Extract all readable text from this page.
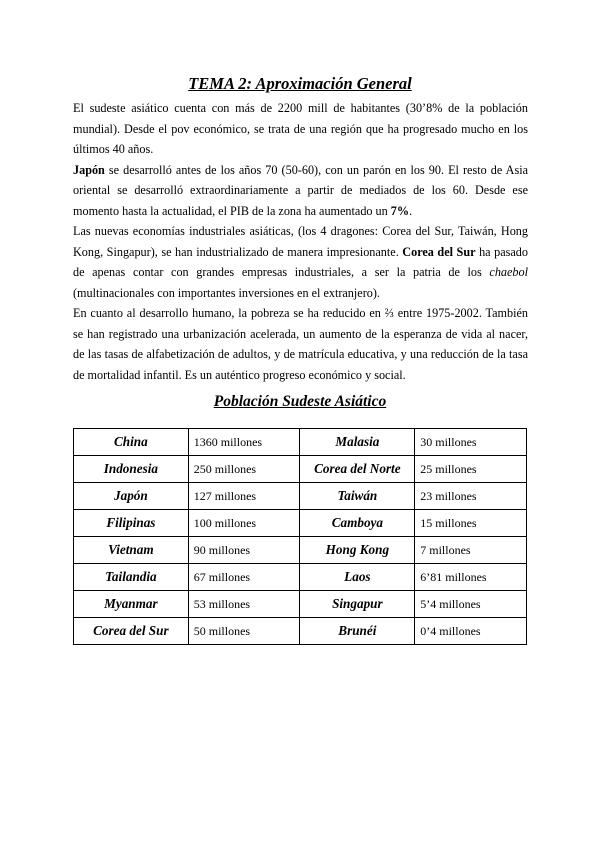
TEMA 2: Aproximación General

El sudeste asiático cuenta con más de 2200 mill de habitantes (30’8% de la población mundial). Desde el pov económico, se trata de una región que ha progresado mucho en los últimos 40 años.

Japón se desarrolló antes de los años 70 (50-60), con un parón en los 90. El resto de Asia oriental se desarrolló extraordinariamente a partir de mediados de los 60. Desde ese momento hasta la actualidad, el PIB de la zona ha aumentado un 7%.

Las nuevas economías industriales asiáticas, (los 4 dragones: Corea del Sur, Taiwán, Hong Kong, Singapur), se han industrializado de manera impresionante. Corea del Sur ha pasado de apenas contar con grandes empresas industriales, a ser la patria de los chaebol (multinacionales con importantes inversiones en el extranjero).

En cuanto al desarrollo humano, la pobreza se ha reducido en ⅔ entre 1975-2002. También se han registrado una urbanización acelerada, un aumento de la esperanza de vida al nacer, de las tasas de alfabetización de adultos, y de matrícula educativa, y una reducción de la tasa de mortalidad infantil. Es un auténtico progreso económico y social.

Población Sudeste Asiático
China	1360 millones	Malasia	30 millones
Indonesia	250 millones	Corea del Norte	25 millones
Japón	127 millones	Taiwán	23 millones
Filipinas	100 millones	Camboya	15 millones
Vietnam	90 millones	Hong Kong	7 millones
Tailandia	67 millones	Laos	6’81 millones
Myanmar	53 millones	Singapur	5’4 millones
Corea del Sur	50 millones	Brunéi	0’4 millones
